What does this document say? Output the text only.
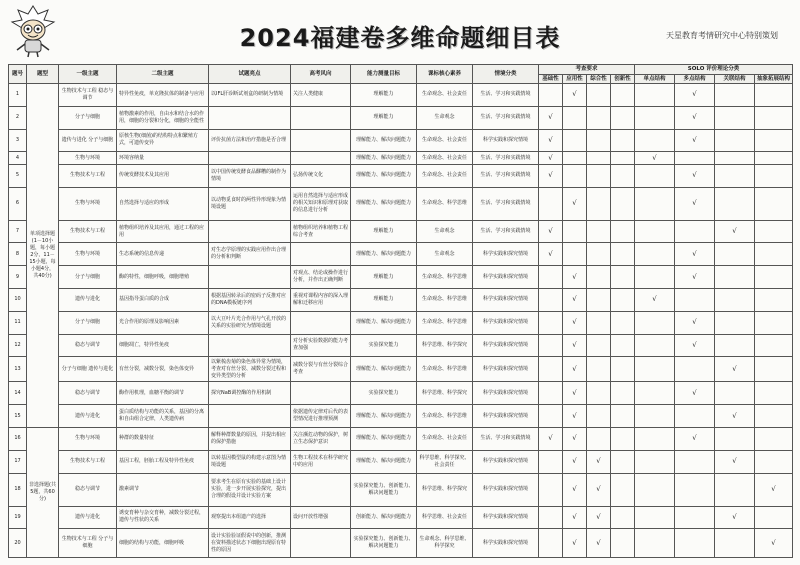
2024福建卷多维命题细目表	天星教育考情研究中心特别策划
题号	题型	一级主题	二级主题	试题亮点	高考风向	能力测量目标	课标核心素养	情境分类	考查要求				SOLO 评价理论分类			
									基础性	应用性	综合性	创新性	单点结构	多点结构	关联结构	抽象拓展结构
1	单项选择题(1－10小题，每小题2分，11－15小题，每小题4分，共40分)	生物技术与工程 稳态与调节	特异性免疫，单克隆抗体的制备与应用	以IFL肝诊断试剂盒的研制为情境	关注人类健康	理解能力	生命观念、社会责任	生活、学习和实践情境		√				√		
2		分子与细胞	植物激素的作用，自由水和结合水的作用，细胞的分裂和分化，细胞的全能性			理解能力	生命观念	生活、学习和实践情境	√					√		
3		遗传与进化 分子与细胞	原核生物(细菌)的结构特点和繁殖方式，可遗传变异	评价抗菌方法和治疗措施是否合理		理解能力、解决问题能力	生命观念、社会责任	科学实践和探究情境	√					√		
4		生物与环境	环境容纳量			理解能力、解决问题能力	生命观念、社会责任	生活、学习和实践情境	√				√			
5		生物技术与工程	传统发酵技术及其应用	以中国传统发酵食品醪糟的制作为情境	弘扬传统文化	理解能力、解决问题能力	生命观念、社会责任	生活、学习和实践情境	√					√		
6		生物与环境	自然选择与适应的形成	以动物觅食时的两性异形现象为情境设题	运用自然选择与适应形成的相关知识和原理对获取的信息进行分析	理解能力、解决问题能力	生命观念、科学思维	生活、学习和实践情境		√				√		
7		生物技术与工程	植物组织培养及其应用，通过工程的应用		植物组织培养和植物工程综合考查	理解能力	生命观念	生活、学习和实践情境	√						√	
8		生物与环境	生态系统的信息传递	对生态学原理的实践应用作出合理的分析和判断		理解能力、解决问题能力	生命观念	科学实践和探究情境	√					√		
9		分子与细胞	酶的特性，细胞呼吸，细胞增殖		对观点、结论或操作进行分析，并作出正确判断	理解能力	生命观念、科学思维	科学实践和探究情境		√				√		
10		遗传与进化	基因指导蛋白质的合成	根据基因转录后的密码子反推对应的DNA模板链序列	重视对课程内容的深入理解和迁移应用	理解能力	生命观念、科学思维	科学实践和探究情境		√			√			
11		分子与细胞	光合作用的原理及影响因素	以大豆叶片光合作用与气孔开放的关系的实验研究为情境设题		理解能力、解决问题能力	生命观念、科学思维	科学实践和探究情境		√				√		
12		稳态与调节	细胞凋亡，特异性免疫		对分析实验数据的能力考查加强	实验探究能力	科学思维、科学探究	科学实践和探究情境		√				√		
13		分子与细胞 遗传与进化	有丝分裂，减数分裂，染色体变异	以紫梳齿菊的染色体异常为情境，考查对有丝分裂、减数分裂过程和变异类型的分析	减数分裂与有丝分裂综合考查	理解能力、解决问题能力	生命观念、科学思维	科学实践和探究情境		√					√	
14		稳态与调节	酶作用机理，血糖平衡的调节	探究NaB调控酶的作用机制		实验探究能力	科学思维、科学探究	科学实践和探究情境		√				√		
15		遗传与进化	蛋白质结构与功能的关系，基因的分离和自由组合定律，人类遗传病		依据遗传定律对后代的表型情况进行推理预测	理解能力、解决问题能力	生命观念、科学思维	科学实践和探究情境		√					√	
16	非选择题(共5题，共60分)	生物与环境	种群的数量特征	解释种群数量的原因，并提出相应的保护措施	关注濒危动物的保护，树立生态保护意识	理解能力、解决问题能力	生命观念、社会责任	生活、学习和实践情境	√	√				√		
17		生物技术与工程	基因工程，胚胎工程及特异性免疫	以转基因模型鼠的构建示意图为情境设题	生物工程技术在科学研究中的应用	理解能力、解决问题能力	科学思维、科学探究、社会责任	科学实践和探究情境		√	√				√	
18		稳态与调节	激素调节	要求考生在原有实验的基础上设计实验，进一步开展实验探究，提出合理的假设并设计实验方案		实验探究能力、创新能力、解决问题能力	科学思维、科学探究	科学实践和探究情境		√	√					√
19		遗传与进化	诱变育种与杂交育种，减数分裂过程，遗传与性状的关系	观察提出本组遗产的选择	设问开放性增强	创新能力、解决问题能力	科学思维、社会责任	科学实践和探究情境		√	√				√	
20		生物技术与工程 分子与细胞	细胞的结构与功能，细胞呼吸	设计实验验证假说中的创新，推测在资料描述状态下细胞出现原有特性的原因		实验探究能力、创新能力、解决问题能力	生命观念、科学思维、科学探究	科学实践和探究情境		√	√					√
